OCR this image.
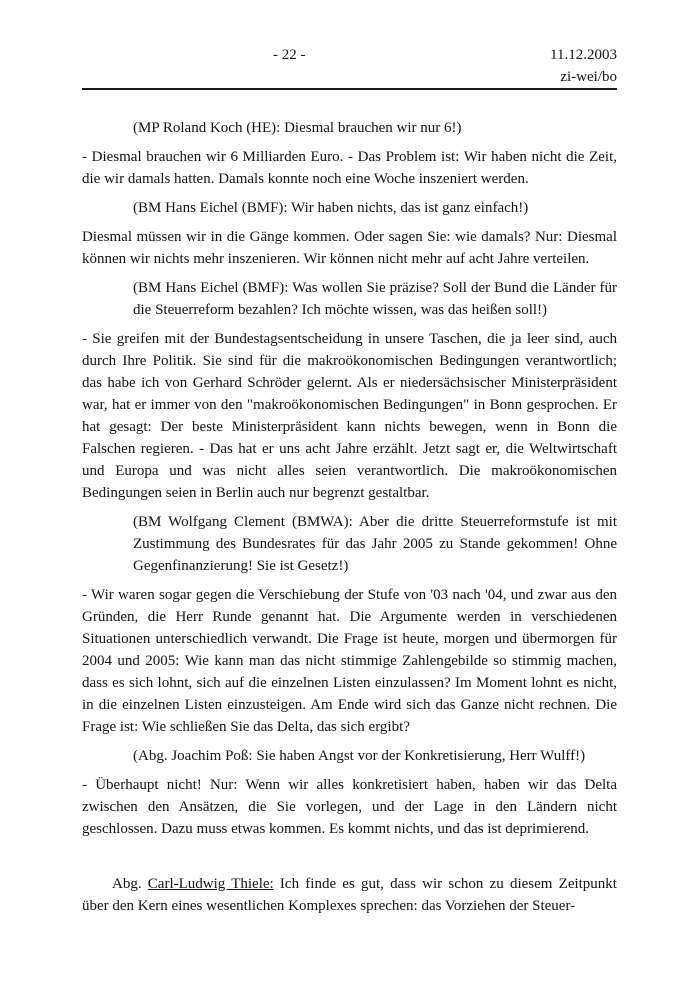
- 22 -	11.12.2003
zi-wei/bo

(MP Roland Koch (HE): Diesmal brauchen wir nur 6!)

- Diesmal brauchen wir 6 Milliarden Euro. - Das Problem ist: Wir haben nicht die Zeit, die wir damals hatten. Damals konnte noch eine Woche inszeniert werden.

(BM Hans Eichel (BMF): Wir haben nichts, das ist ganz einfach!)

Diesmal müssen wir in die Gänge kommen. Oder sagen Sie: wie damals? Nur: Diesmal können wir nichts mehr inszenieren. Wir können nicht mehr auf acht Jahre verteilen.

(BM Hans Eichel (BMF): Was wollen Sie präzise? Soll der Bund die Länder für die Steuerreform bezahlen? Ich möchte wissen, was das heißen soll!)

- Sie greifen mit der Bundestagsentscheidung in unsere Taschen, die ja leer sind, auch durch Ihre Politik. Sie sind für die makroökonomischen Bedingungen verantwortlich; das habe ich von Gerhard Schröder gelernt. Als er niedersächsischer Ministerpräsident war, hat er immer von den "makroökonomischen Bedingungen" in Bonn gesprochen. Er hat gesagt: Der beste Ministerpräsident kann nichts bewegen, wenn in Bonn die Falschen regieren. - Das hat er uns acht Jahre erzählt. Jetzt sagt er, die Weltwirtschaft und Europa und was nicht alles seien verantwortlich. Die makroökonomischen Bedingungen seien in Berlin auch nur begrenzt gestaltbar.

(BM Wolfgang Clement (BMWA): Aber die dritte Steuerreformstufe ist mit Zustimmung des Bundesrates für das Jahr 2005 zu Stande gekommen! Ohne Gegenfinanzierung! Sie ist Gesetz!)

- Wir waren sogar gegen die Verschiebung der Stufe von '03 nach '04, und zwar aus den Gründen, die Herr Runde genannt hat. Die Argumente werden in verschiedenen Situationen unterschiedlich verwandt. Die Frage ist heute, morgen und übermorgen für 2004 und 2005: Wie kann man das nicht stimmige Zahlengebilde so stimmig machen, dass es sich lohnt, sich auf die einzelnen Listen einzulassen? Im Moment lohnt es nicht, in die einzelnen Listen einzusteigen. Am Ende wird sich das Ganze nicht rechnen. Die Frage ist: Wie schließen Sie das Delta, das sich ergibt?

(Abg. Joachim Poß: Sie haben Angst vor der Konkretisierung, Herr Wulff!)

- Überhaupt nicht! Nur: Wenn wir alles konkretisiert haben, haben wir das Delta zwischen den Ansätzen, die Sie vorlegen, und der Lage in den Ländern nicht geschlossen. Dazu muss etwas kommen. Es kommt nichts, und das ist deprimierend.

Abg. Carl-Ludwig Thiele: Ich finde es gut, dass wir schon zu diesem Zeitpunkt über den Kern eines wesentlichen Komplexes sprechen: das Vorziehen der Steuer-
